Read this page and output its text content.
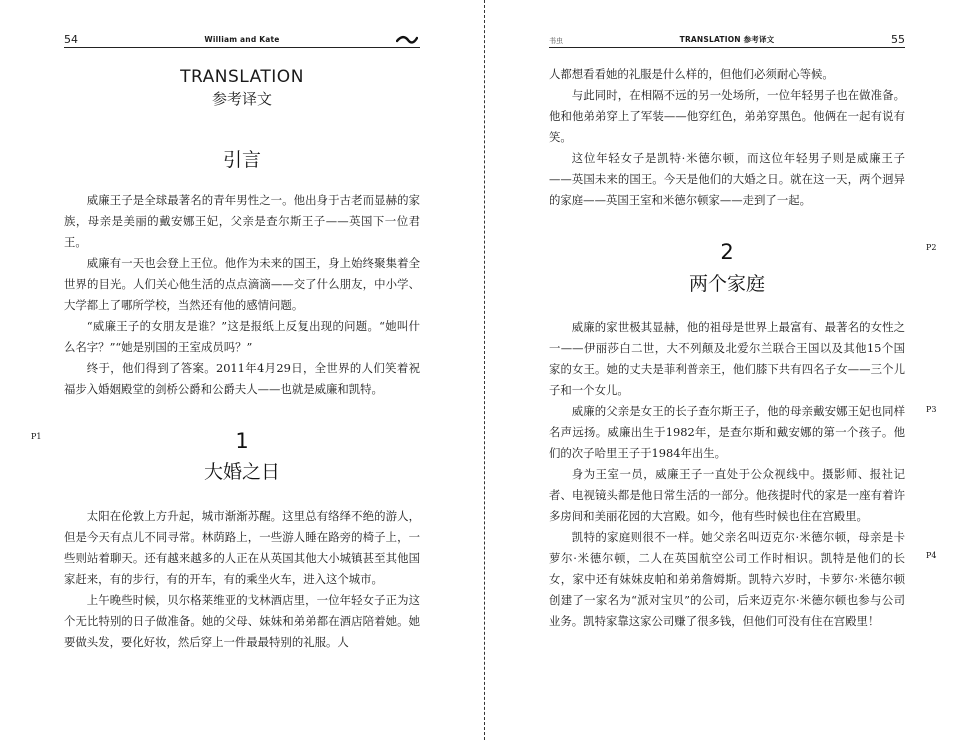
54	William and Kate
TRANSLATION
参考译文
引言

威廉王子是全球最著名的青年男性之一。他出身于古老而显赫的家族，母亲是美丽的戴安娜王妃，父亲是查尔斯王子——英国下一位君王。

威廉有一天也会登上王位。他作为未来的国王，身上始终聚集着全世界的目光。人们关心他生活的点点滴滴——交了什么朋友，中小学、大学都上了哪所学校，当然还有他的感情问题。

“威廉王子的女朋友是谁？”这是报纸上反复出现的问题。“她叫什么名字？”“她是别国的王室成员吗？”

终于，他们得到了答案。2011年4月29日，全世界的人们笑着祝福步入婚姻殿堂的剑桥公爵和公爵夫人——也就是威廉和凯特。

1
大婚之日

太阳在伦敦上方升起，城市渐渐苏醒。这里总有络绎不绝的游人，但是今天有点儿不同寻常。林荫路上，一些游人睡在路旁的椅子上，一些则站着聊天。还有越来越多的人正在从英国其他大小城镇甚至其他国家赶来，有的步行，有的开车，有的乘坐火车，进入这个城市。

上午晚些时候，贝尔格莱维亚的戈林酒店里，一位年轻女子正为这个无比特别的日子做准备。她的父母、妹妹和弟弟都在酒店陪着她。她要做头发，要化好妆，然后穿上一件最最特别的礼服。人

书虫	TRANSLATION 参考译文	55

人都想看看她的礼服是什么样的，但他们必须耐心等候。

与此同时，在相隔不远的另一处场所，一位年轻男子也在做准备。他和他弟弟穿上了军装——他穿红色，弟弟穿黑色。他俩在一起有说有笑。

这位年轻女子是凯特·米德尔顿，而这位年轻男子则是威廉王子——英国未来的国王。今天是他们的大婚之日。就在这一天，两个迥异的家庭——英国王室和米德尔顿家——走到了一起。

2
两个家庭

威廉的家世极其显赫，他的祖母是世界上最富有、最著名的女性之一——伊丽莎白二世，大不列颠及北爱尔兰联合王国以及其他15个国家的女王。她的丈夫是菲利普亲王，他们膝下共有四名子女——三个儿子和一个女儿。

威廉的父亲是女王的长子查尔斯王子，他的母亲戴安娜王妃也同样名声远扬。威廉出生于1982年，是查尔斯和戴安娜的第一个孩子。他们的次子哈里王子于1984年出生。

身为王室一员，威廉王子一直处于公众视线中。摄影师、报社记者、电视镜头都是他日常生活的一部分。他孩提时代的家是一座有着许多房间和美丽花园的大宫殿。如今，他有些时候也住在宫殿里。

凯特的家庭则很不一样。她父亲名叫迈克尔·米德尔顿，母亲是卡萝尔·米德尔顿，二人在英国航空公司工作时相识。凯特是他们的长女，家中还有妹妹皮帕和弟弟詹姆斯。凯特六岁时，卡萝尔·米德尔顿创建了一家名为“派对宝贝”的公司，后来迈克尔·米德尔顿也参与公司业务。凯特家靠这家公司赚了很多钱，但他们可没有住在宫殿里！

P1
P2
P3
P4
